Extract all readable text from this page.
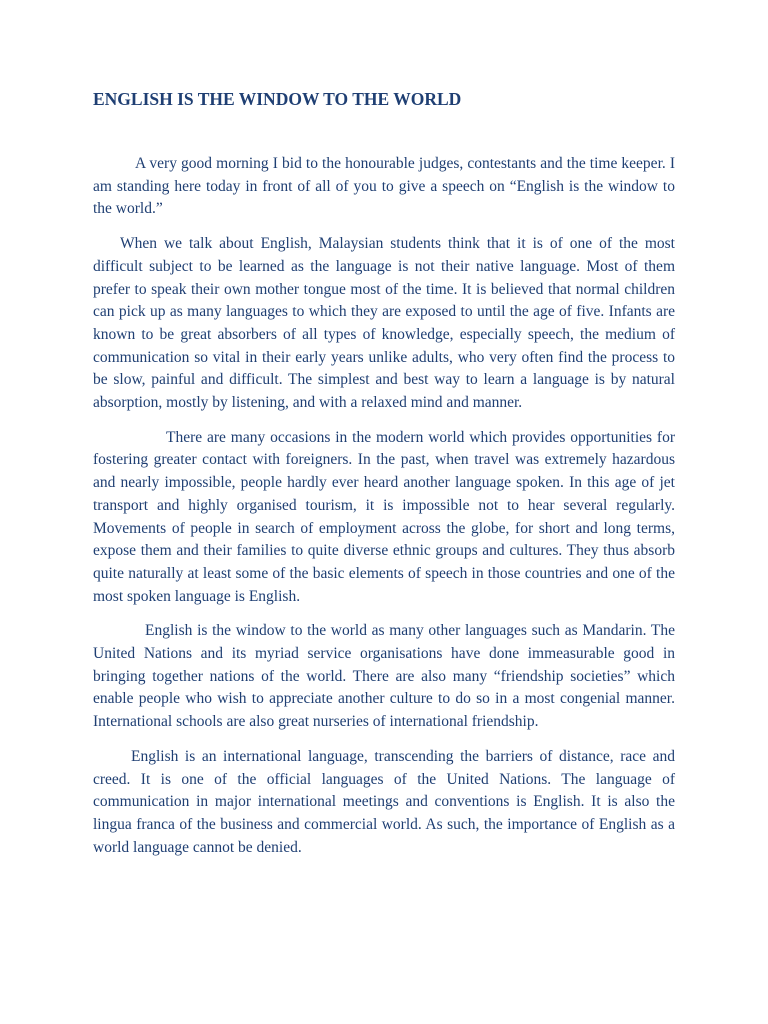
ENGLISH IS THE WINDOW TO THE WORLD

A very good morning I bid to the honourable judges, contestants and the time keeper. I am standing here today in front of all of you to give a speech on “English is the window to the world.”

When we talk about English, Malaysian students think that it is of one of the most difficult subject to be learned as the language is not their native language. Most of them prefer to speak their own mother tongue most of the time. It is believed that normal children can pick up as many languages to which they are exposed to until the age of five. Infants are known to be great absorbers of all types of knowledge, especially speech, the medium of communication so vital in their early years unlike adults, who very often find the process to be slow, painful and difficult. The simplest and best way to learn a language is by natural absorption, mostly by listening, and with a relaxed mind and manner.

There are many occasions in the modern world which provides opportunities for fostering greater contact with foreigners. In the past, when travel was extremely hazardous and nearly impossible, people hardly ever heard another language spoken. In this age of jet transport and highly organised tourism, it is impossible not to hear several regularly. Movements of people in search of employment across the globe, for short and long terms, expose them and their families to quite diverse ethnic groups and cultures. They thus absorb quite naturally at least some of the basic elements of speech in those countries and one of the most spoken language is English.

English is the window to the world as many other languages such as Mandarin. The United Nations and its myriad service organisations have done immeasurable good in bringing together nations of the world. There are also many “friendship societies” which enable people who wish to appreciate another culture to do so in a most congenial manner. International schools are also great nurseries of international friendship.

English is an international language, transcending the barriers of distance, race and creed. It is one of the official languages of the United Nations. The language of communication in major international meetings and conventions is English. It is also the lingua franca of the business and commercial world. As such, the importance of English as a world language cannot be denied.
